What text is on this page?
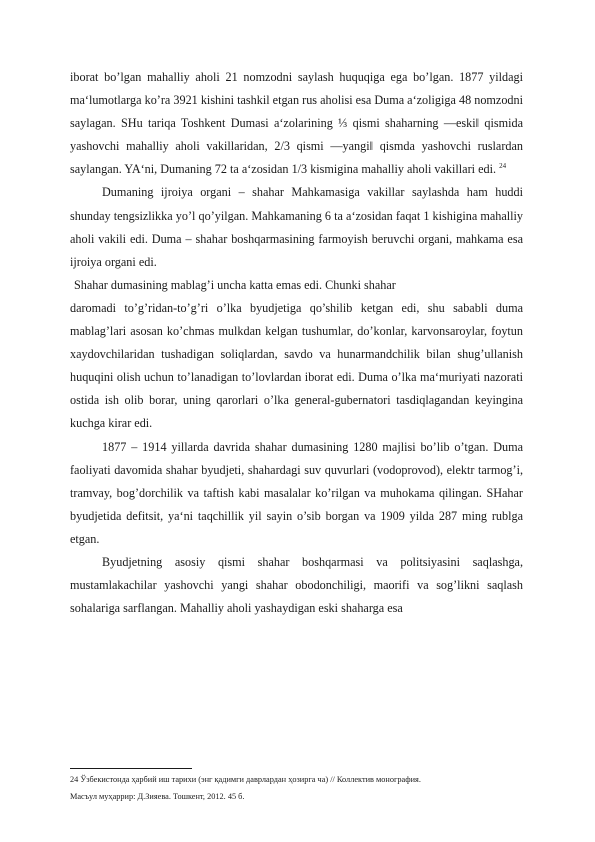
iborat bo’lgan mahalliy aholi 21 nomzodni saylash huquqiga ega bo’lgan. 1877 yildagi ma‘lumotlarga ko’ra 3921 kishini tashkil etgan rus aholisi esa Duma a‘zoligiga 48 nomzodni saylagan. SHu tariqa Toshkent Dumasi a‘zolarining ⅓ qismi shaharning ―eski‖ qismida yashovchi mahalliy aholi vakillaridan, 2/3 qismi ―yangi‖ qismda yashovchi ruslardan saylangan. YA‘ni, Dumaning 72 ta a‘zosidan 1/3 kismigina mahalliy aholi vakillari edi. $^{24}$

Dumaning ijroiya organi – shahar Mahkamasiga vakillar saylashda ham huddi shunday tengsizlikka yo’l qo’yilgan. Mahkamaning 6 ta a‘zosidan faqat 1 kishigina mahalliy aholi vakili edi. Duma – shahar boshqarmasining farmoyish beruvchi organi, mahkama esa ijroiya organi edi.

Shahar dumasining mablag’i uncha katta emas edi. Chunki shahar

daromadi to’g’ridan-to’g’ri o’lka byudjetiga qo’shilib ketgan edi, shu sababli duma mablag’lari asosan ko’chmas mulkdan kelgan tushumlar, do’konlar, karvonsaroylar, foytun xaydovchilaridan tushadigan soliqlardan, savdo va hunarmandchilik bilan shug’ullanish huquqini olish uchun to’lanadigan to’lovlardan iborat edi. Duma o’lka ma‘muriyati nazorati ostida ish olib borar, uning qarorlari o’lka general-gubernatori tasdiqlagandan keyingina kuchga kirar edi.

1877 – 1914 yillarda davrida shahar dumasining 1280 majlisi bo’lib o’tgan. Duma faoliyati davomida shahar byudjeti, shahardagi suv quvurlari (vodoprovod), elektr tarmog’i, tramvay, bog’dorchilik va taftish kabi masalalar ko’rilgan va muhokama qilingan. SHahar byudjetida defitsit, ya‘ni taqchillik yil sayin o’sib borgan va 1909 yilda 287 ming rublga etgan.

Byudjetning asosiy qismi shahar boshqarmasi va politsiyasini saqlashga, mustamlakachilar yashovchi yangi shahar obodonchiligi, maorifi va sog’likni saqlash sohalariga sarflangan. Mahalliy aholi yashaydigan eski shaharga esa

24 Ўзбекистонда ҳарбий иш тарихи (энг қадимги даврлардан ҳозирга ча) // Коллектив монография.
Масъул муҳаррир: Д.Зияева. Тошкент, 2012. 45 б.
